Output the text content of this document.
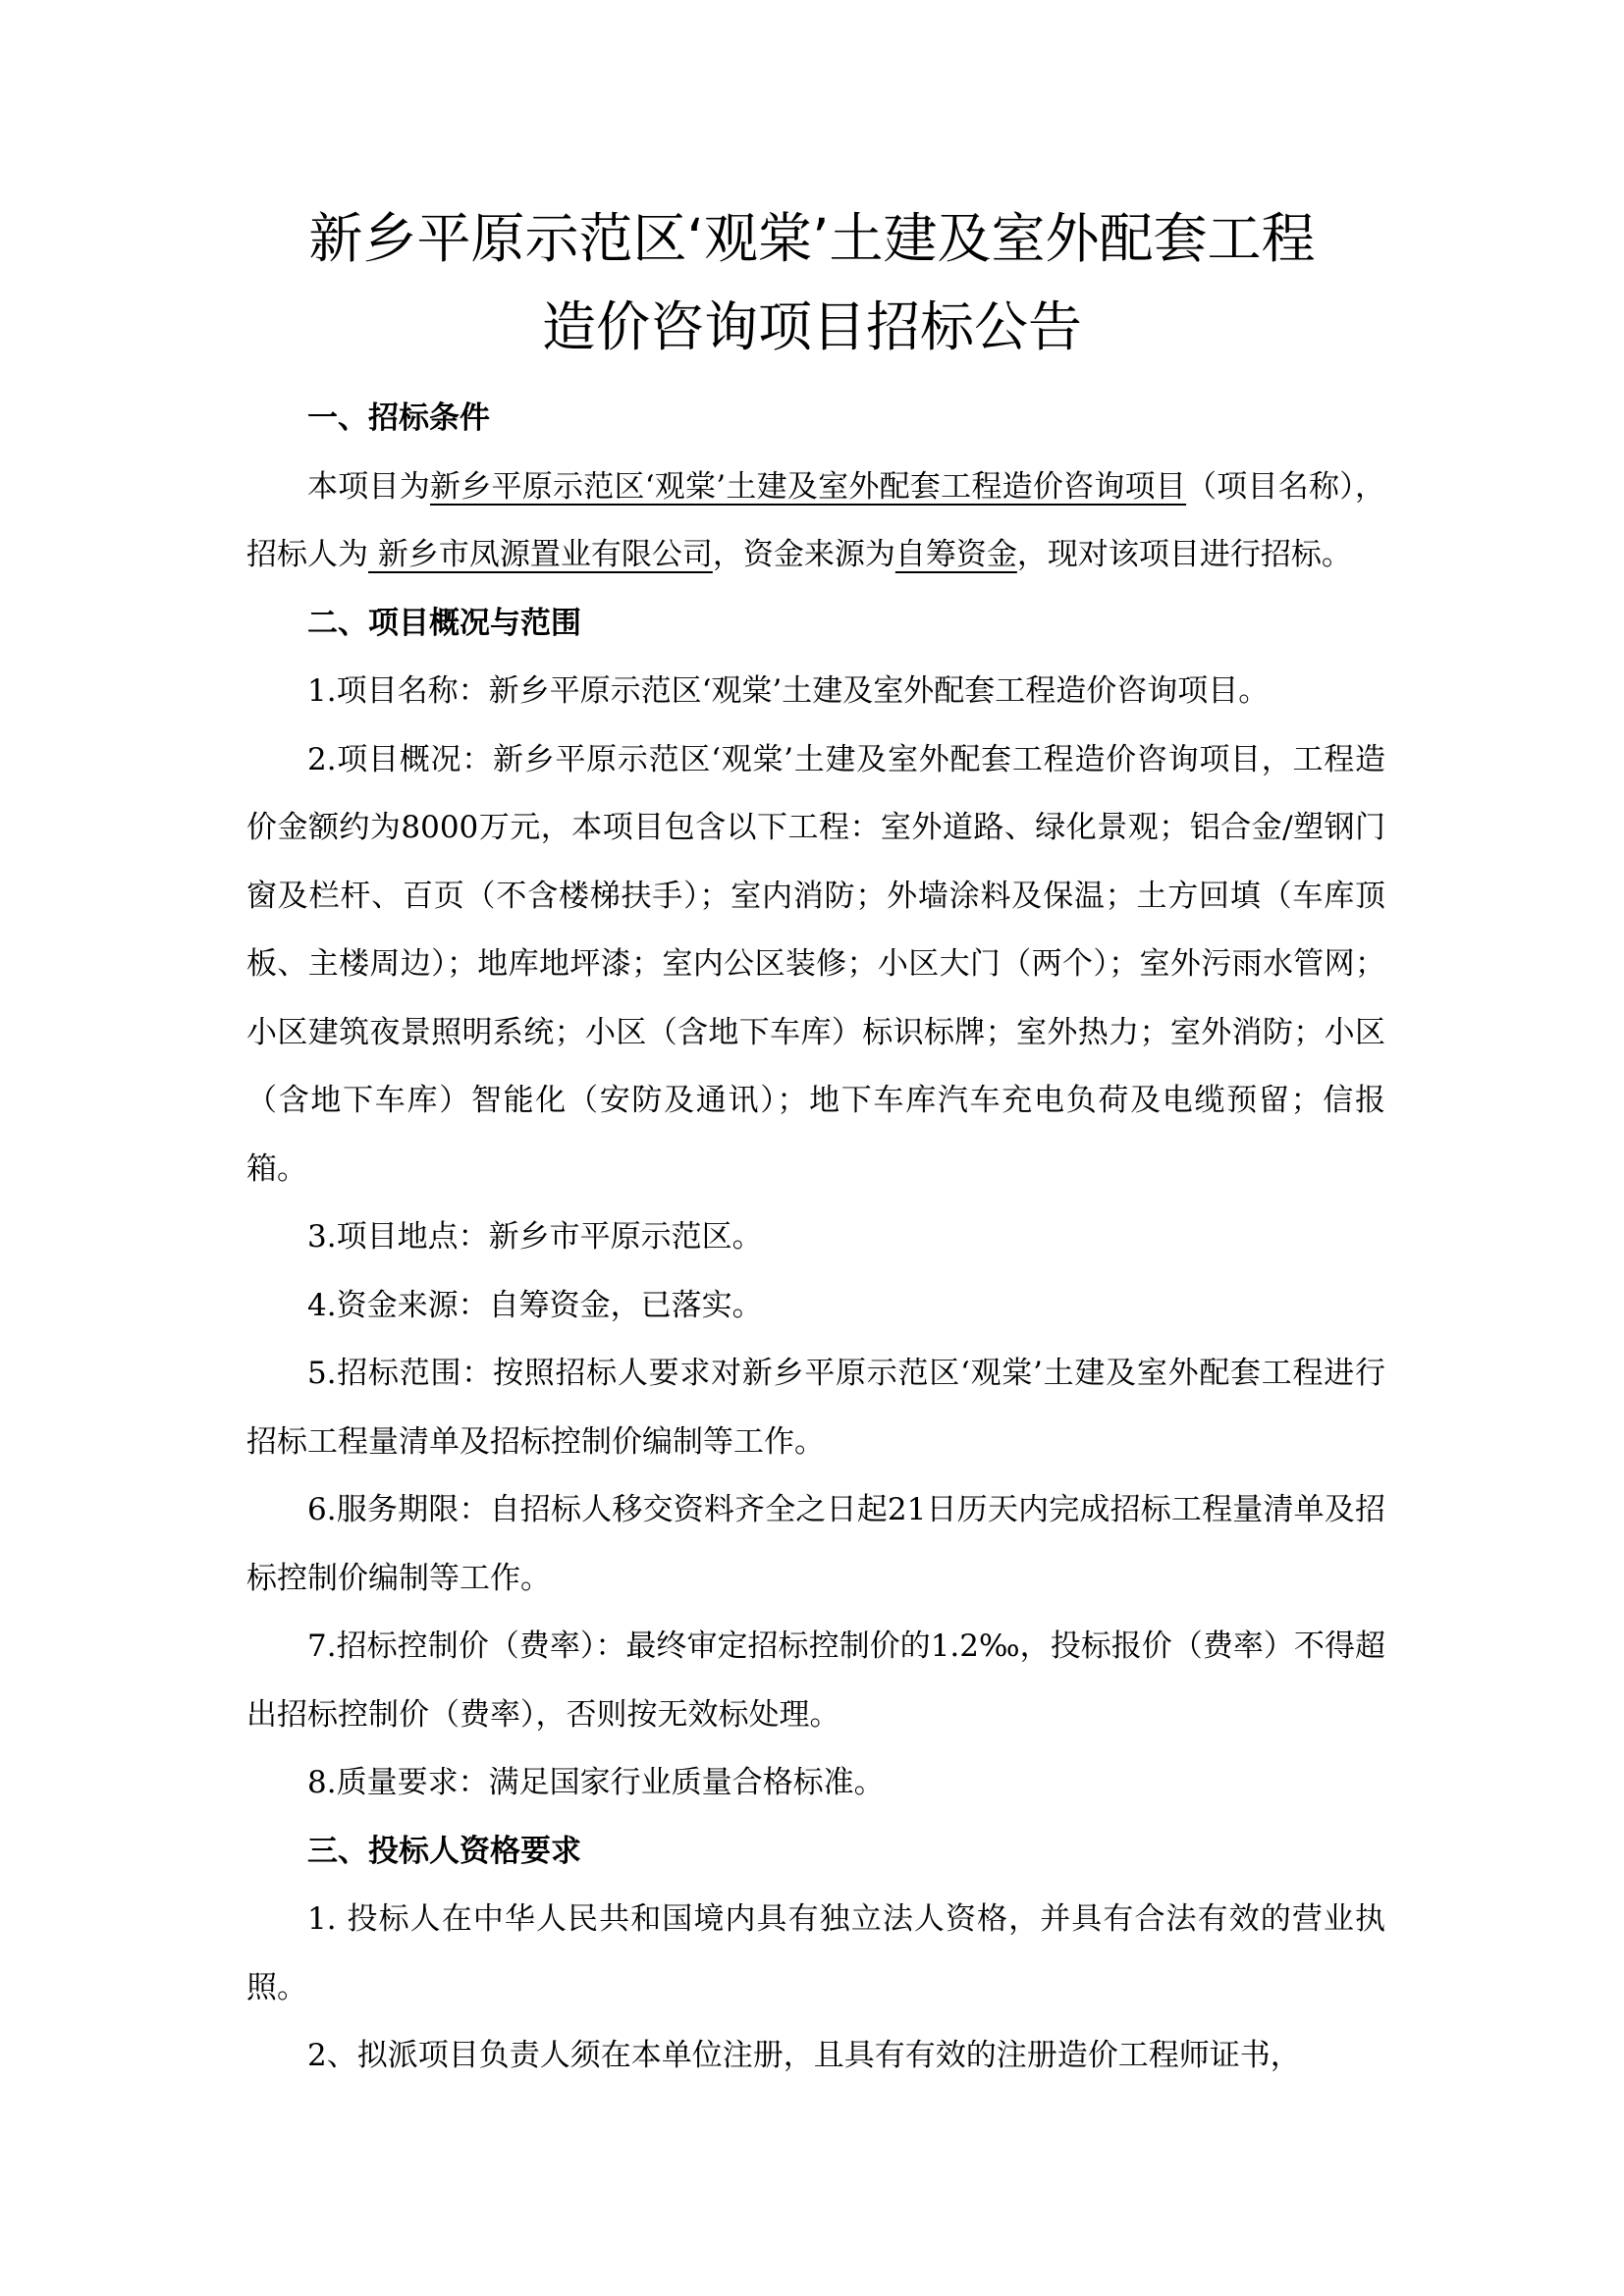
新乡平原示范区‘观棠’土建及室外配套工程
造价咨询项目招标公告

一、招标条件

本项目为新乡平原示范区‘观棠’土建及室外配套工程造价咨询项目（项目名称），招标人为 新乡市凤源置业有限公司，资金来源为自筹资金，现对该项目进行招标。

二、项目概况与范围

1.项目名称：新乡平原示范区‘观棠’土建及室外配套工程造价咨询项目。

2.项目概况：新乡平原示范区‘观棠’土建及室外配套工程造价咨询项目，工程造价金额约为8000万元，本项目包含以下工程：室外道路、绿化景观；铝合金/塑钢门窗及栏杆、百页（不含楼梯扶手）；室内消防；外墙涂料及保温；土方回填（车库顶板、主楼周边）；地库地坪漆；室内公区装修；小区大门（两个）；室外污雨水管网；小区建筑夜景照明系统；小区（含地下车库）标识标牌；室外热力；室外消防；小区（含地下车库）智能化（安防及通讯）；地下车库汽车充电负荷及电缆预留；信报箱。

3.项目地点：新乡市平原示范区。

4.资金来源：自筹资金，已落实。

5.招标范围：按照招标人要求对新乡平原示范区‘观棠’土建及室外配套工程进行招标工程量清单及招标控制价编制等工作。

6.服务期限：自招标人移交资料齐全之日起21日历天内完成招标工程量清单及招标控制价编制等工作。

7.招标控制价（费率）：最终审定招标控制价的1.2‰，投标报价（费率）不得超出招标控制价（费率），否则按无效标处理。

8.质量要求：满足国家行业质量合格标准。

三、投标人资格要求

1. 投标人在中华人民共和国境内具有独立法人资格，并具有合法有效的营业执照。

2、拟派项目负责人须在本单位注册，且具有有效的注册造价工程师证书，
